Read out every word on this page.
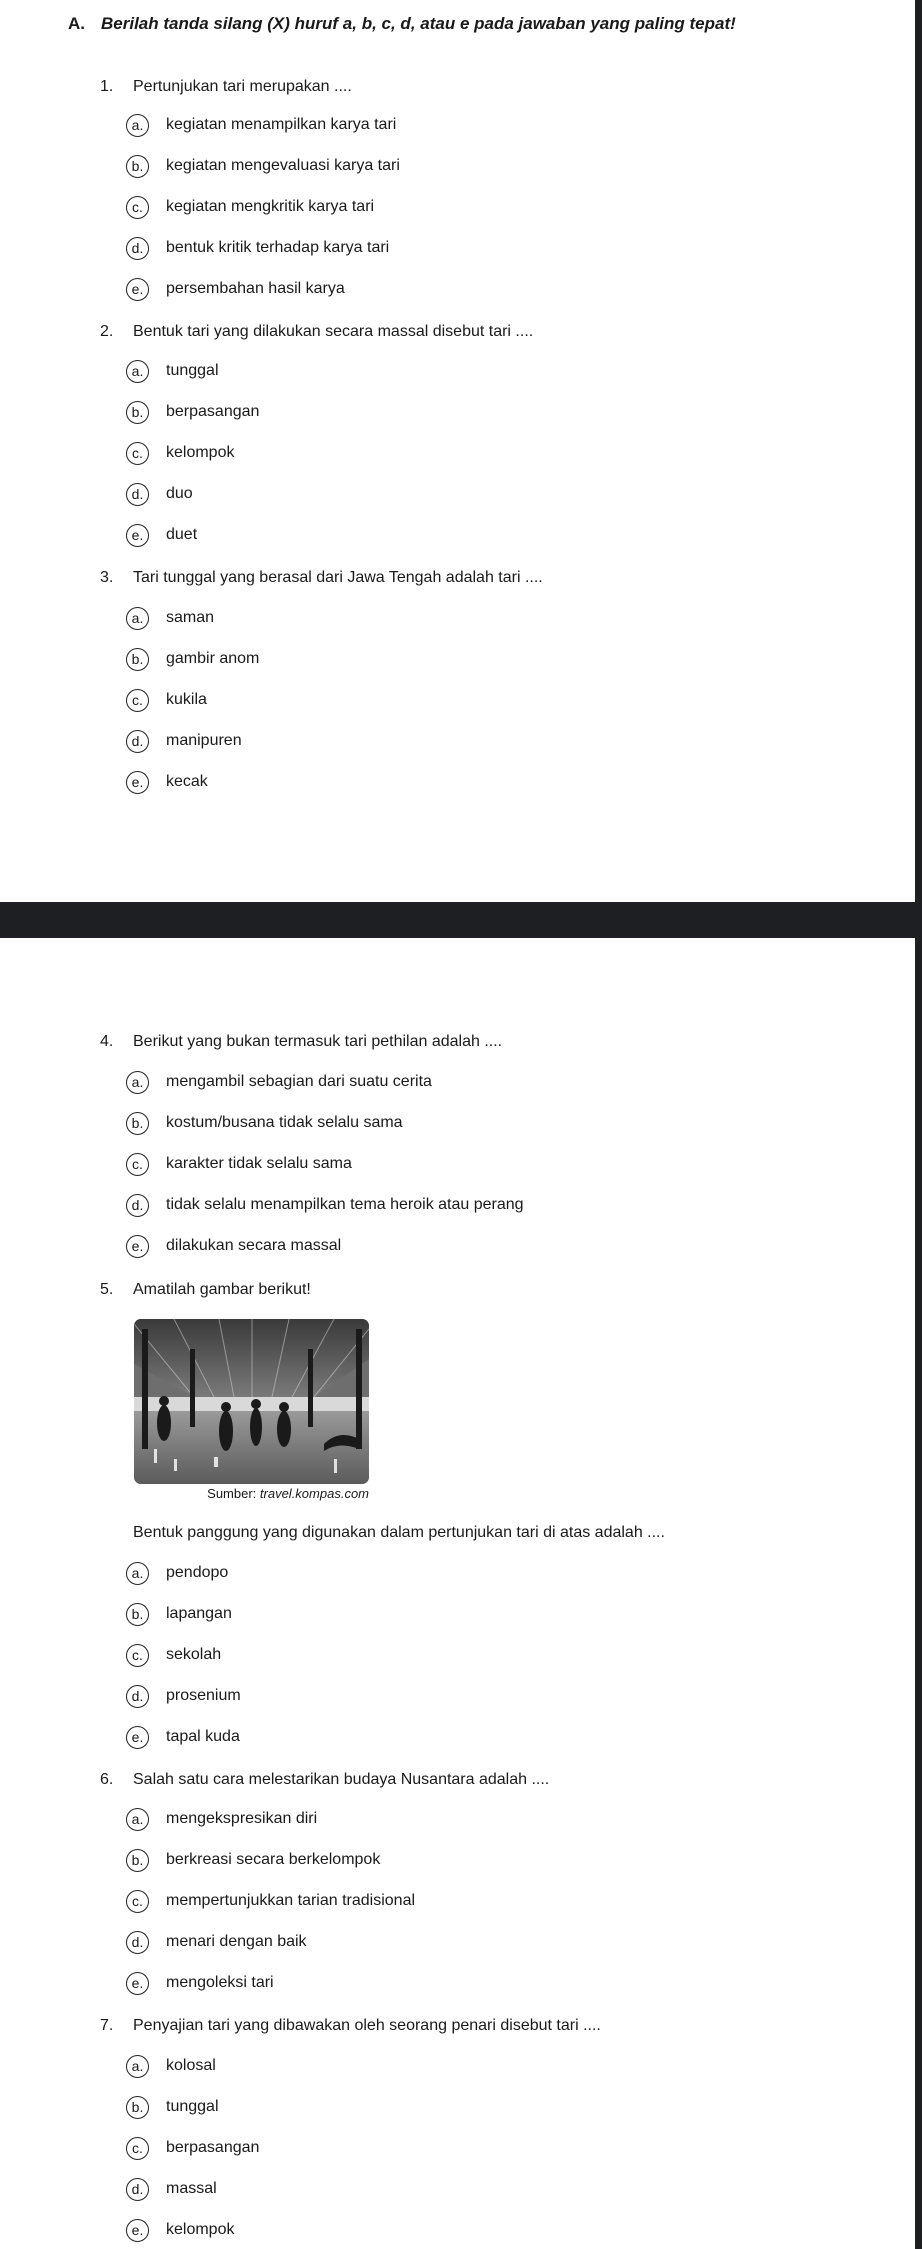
A. Berilah tanda silang (X) huruf a, b, c, d, atau e pada jawaban yang paling tepat!
1. Pertunjukan tari merupakan ....
a.	kegiatan menampilkan karya tari
b.	kegiatan mengevaluasi karya tari
c.	kegiatan mengkritik karya tari
d.	bentuk kritik terhadap karya tari
e.	persembahan hasil karya
2. Bentuk tari yang dilakukan secara massal disebut tari ....
a.	tunggal
b.	berpasangan
c.	kelompok
d.	duo
e.	duet
3. Tari tunggal yang berasal dari Jawa Tengah adalah tari ....
a.	saman
b.	gambir anom
c.	kukila
d.	manipuren
e.	kecak
4. Berikut yang bukan termasuk tari pethilan adalah ....
a.	mengambil sebagian dari suatu cerita
b.	kostum/busana tidak selalu sama
c.	karakter tidak selalu sama
d.	tidak selalu menampilkan tema heroik atau perang
e.	dilakukan secara massal
5. Amatilah gambar berikut!
Sumber: travel.kompas.com
Bentuk panggung yang digunakan dalam pertunjukan tari di atas adalah ....
a.	pendopo
b.	lapangan
c.	sekolah
d.	prosenium
e.	tapal kuda
6. Salah satu cara melestarikan budaya Nusantara adalah ....
a.	mengekspresikan diri
b.	berkreasi secara berkelompok
c.	mempertunjukkan tarian tradisional
d.	menari dengan baik
e.	mengoleksi tari
7. Penyajian tari yang dibawakan oleh seorang penari disebut tari ....
a.	kolosal
b.	tunggal
c.	berpasangan
d.	massal
e.	kelompok
